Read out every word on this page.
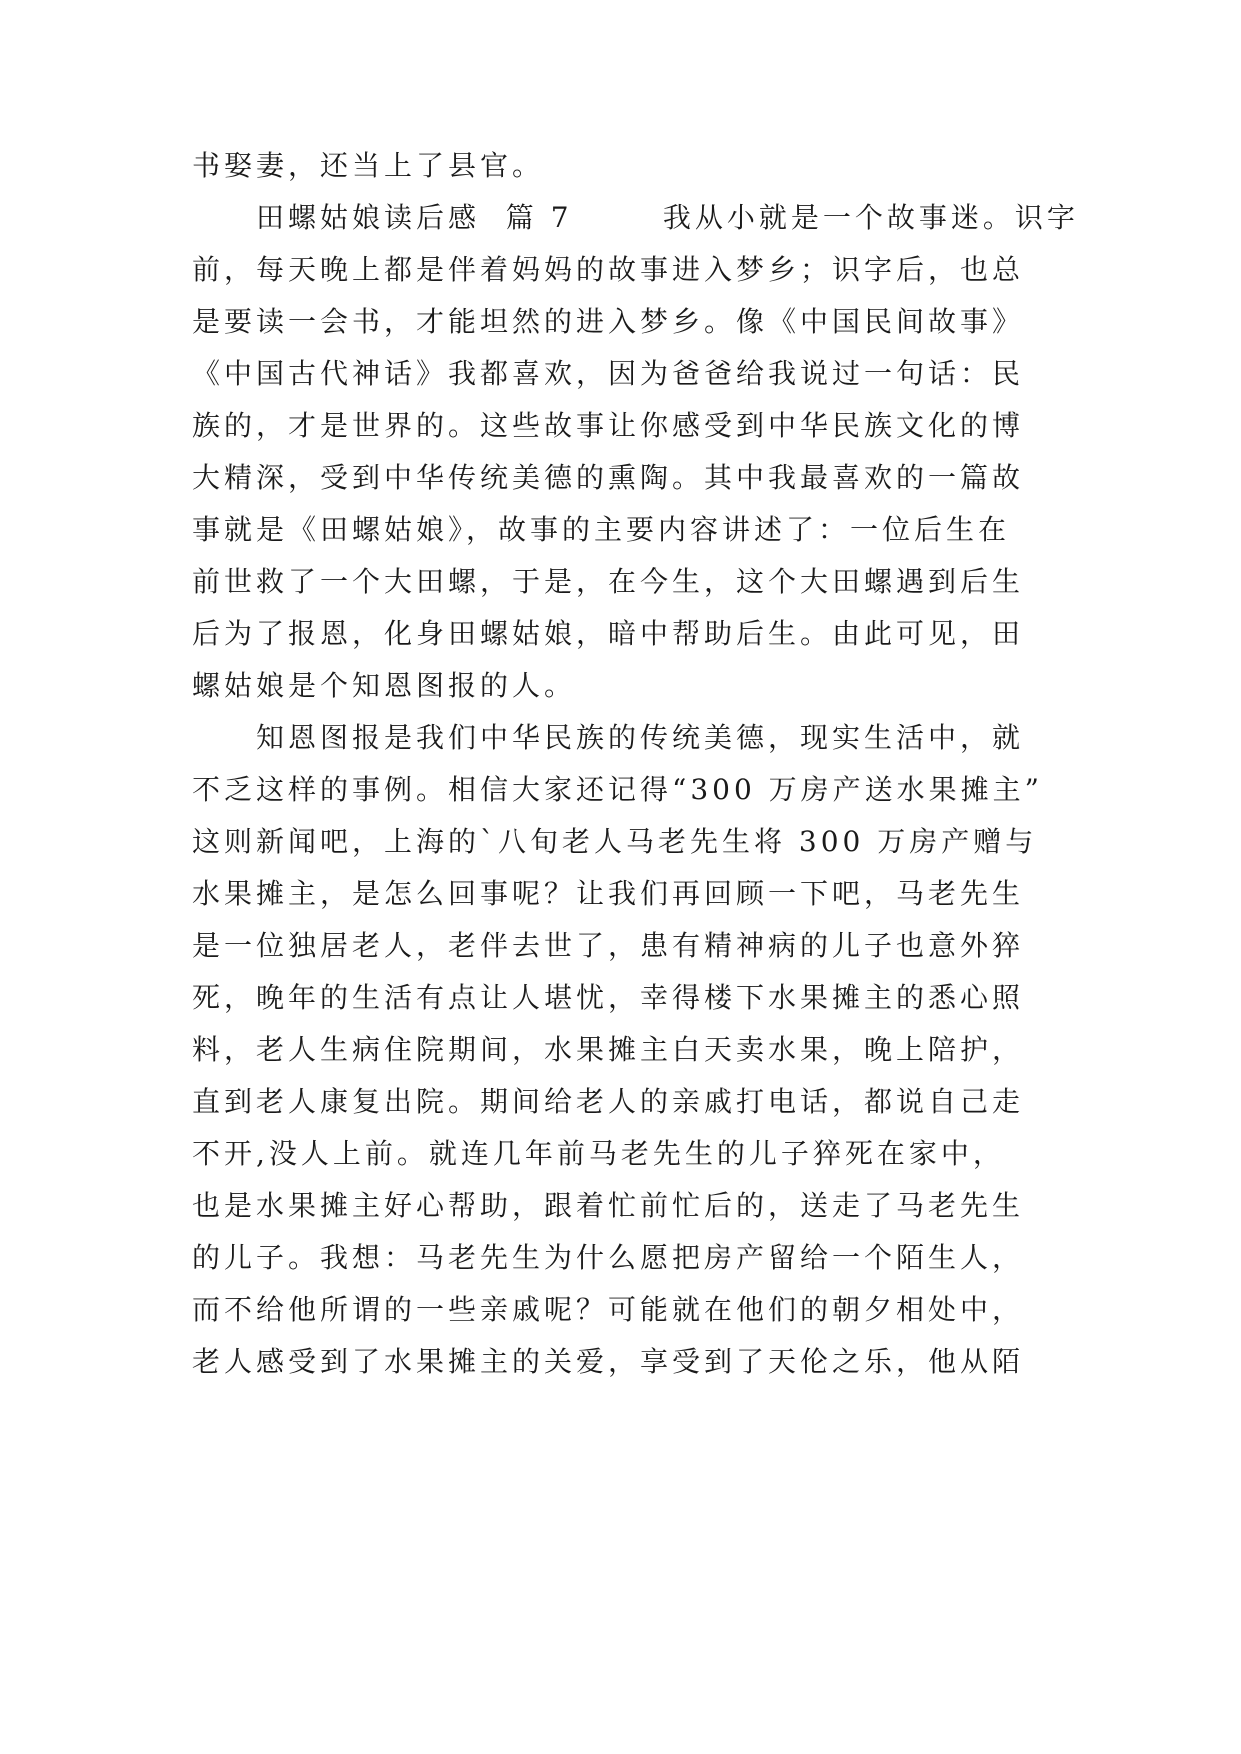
书娶妻，还当上了县官。
田螺姑娘读后感  篇 7       我从小就是一个故事迷。识字
前，每天晚上都是伴着妈妈的故事进入梦乡；识字后，也总
是要读一会书，才能坦然的进入梦乡。像《中国民间故事》
《中国古代神话》我都喜欢，因为爸爸给我说过一句话：民
族的，才是世界的。这些故事让你感受到中华民族文化的博
大精深，受到中华传统美德的熏陶。其中我最喜欢的一篇故
事就是《田螺姑娘》，故事的主要内容讲述了：一位后生在
前世救了一个大田螺，于是，在今生，这个大田螺遇到后生
后为了报恩，化身田螺姑娘，暗中帮助后生。由此可见，田
螺姑娘是个知恩图报的人。
知恩图报是我们中华民族的传统美德，现实生活中，就
不乏这样的事例。相信大家还记得“300 万房产送水果摊主”
这则新闻吧，上海的`八旬老人马老先生将 300 万房产赠与
水果摊主，是怎么回事呢？让我们再回顾一下吧，马老先生
是一位独居老人，老伴去世了，患有精神病的儿子也意外猝
死，晚年的生活有点让人堪忧，幸得楼下水果摊主的悉心照
料，老人生病住院期间，水果摊主白天卖水果，晚上陪护，
直到老人康复出院。期间给老人的亲戚打电话，都说自己走
不开,没人上前。就连几年前马老先生的儿子猝死在家中，
也是水果摊主好心帮助，跟着忙前忙后的，送走了马老先生
的儿子。我想：马老先生为什么愿把房产留给一个陌生人，
而不给他所谓的一些亲戚呢？可能就在他们的朝夕相处中，
老人感受到了水果摊主的关爱，享受到了天伦之乐，他从陌
